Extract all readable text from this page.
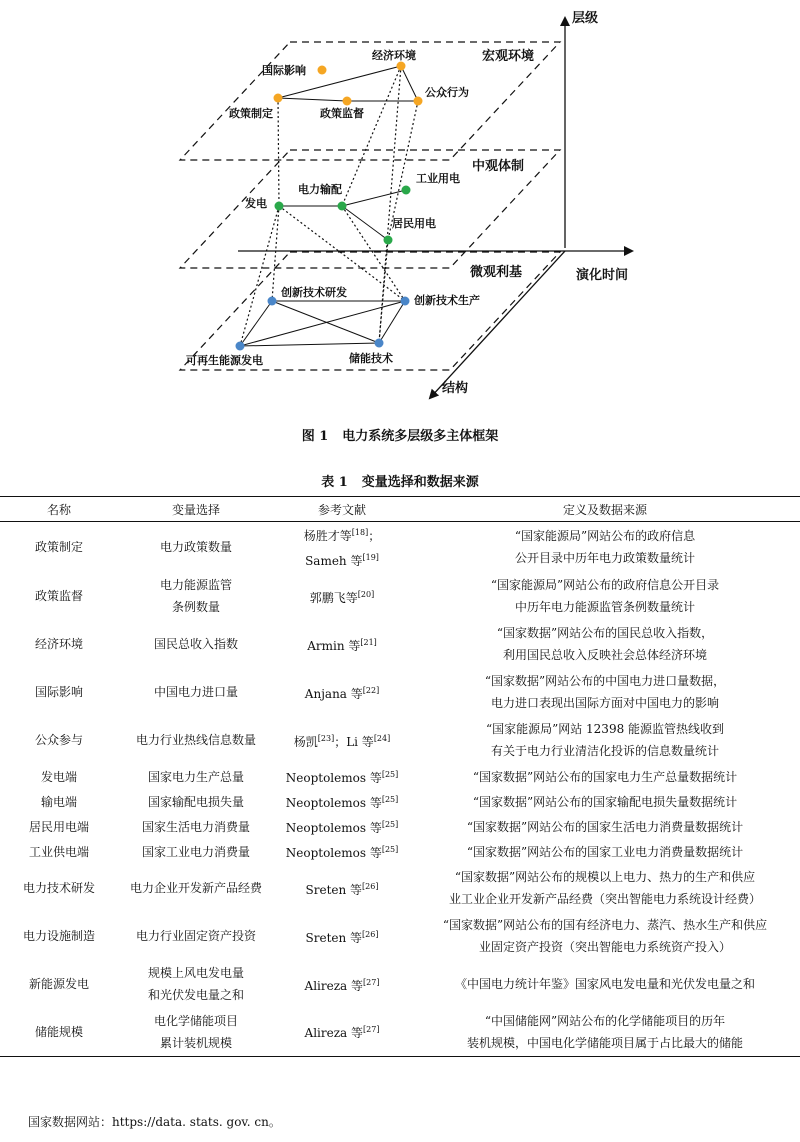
层级
演化时间
结构
宏观环境
中观体制
微观利基
国际影响
经济环境
政策制定	政策监督
公众行为
发电
电力输配
工业用电
居民用电
创新技术研发
创新技术生产
可再生能源发电	储能技术
图 1 电力系统多层级多主体框架
表 1 变量选择和数据来源
名称	变量选择	参考文献	定义及数据来源

政策制定	电力政策数量	杨胜才等[18]；
Sameh 等[19]	“国家能源局”网站公布的政府信息
公开目录中历年电力政策数量统计

政策监督	电力能源监管
条例数量	郭鹏飞等[20]	“国家能源局”网站公布的政府信息公开目录
中历年电力能源监管条例数量统计

经济环境	国民总收入指数	Armin 等[21]	“国家数据”网站公布的国民总收入指数，
利用国民总收入反映社会总体经济环境

国际影响	中国电力进口量	Anjana 等[22]	“国家数据”网站公布的中国电力进口量数据，
电力进口表现出国际方面对中国电力的影响

公众参与	电力行业热线信息数量	杨凯[23]；Li 等[24]	“国家能源局”网站 12398 能源监管热线收到
有关于电力行业清洁化投诉的信息数量统计

发电端	国家电力生产总量	Neoptolemos 等[25]	“国家数据”网站公布的国家电力生产总量数据统计

输电端	国家输配电损失量	Neoptolemos 等[25]	“国家数据”网站公布的国家输配电损失量数据统计

居民用电端	国家生活电力消费量	Neoptolemos 等[25]	“国家数据”网站公布的国家生活电力消费量数据统计

工业供电端	国家工业电力消费量	Neoptolemos 等[25]	“国家数据”网站公布的国家工业电力消费量数据统计

电力技术研发	电力企业开发新产品经费	Sreten 等[26]	“国家数据”网站公布的规模以上电力、热力的生产和供应
业工业企业开发新产品经费（突出智能电力系统设计经费）

电力设施制造	电力行业固定资产投资	Sreten 等[26]	“国家数据”网站公布的国有经济电力、蒸汽、热水生产和供应
业固定资产投资（突出智能电力系统资产投入）

新能源发电	规模上风电发电量
和光伏发电量之和	Alireza 等[27]	《中国电力统计年鉴》国家风电发电量和光伏发电量之和

储能规模	电化学储能项目
累计装机规模	Alireza 等[27]	“中国储能网”网站公布的化学储能项目的历年
装机规模，中国电化学储能项目属于占比最大的储能
国家数据网站：https://data. stats. gov. cn。
